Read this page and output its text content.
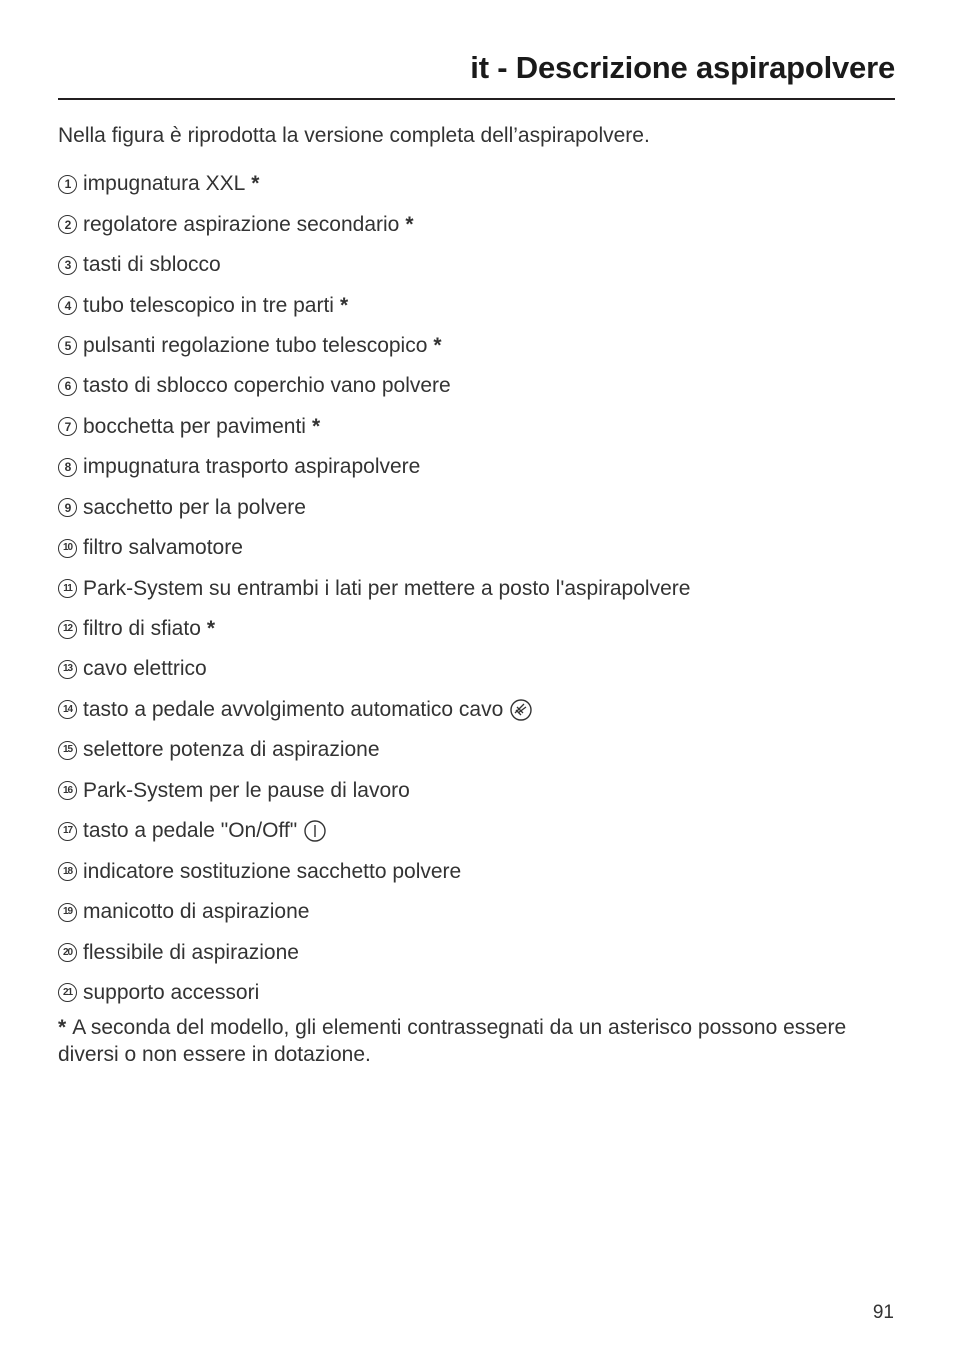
it - Descrizione aspirapolvere
Nella figura è riprodotta la versione completa dell’aspirapolvere.
1 impugnatura XXL *
2 regolatore aspirazione secondario *
3 tasti di sblocco
4 tubo telescopico in tre parti *
5 pulsanti regolazione tubo telescopico *
6 tasto di sblocco coperchio vano polvere
7 bocchetta per pavimenti *
8 impugnatura trasporto aspirapolvere
9 sacchetto per la polvere
10 filtro salvamotore
11 Park-System su entrambi i lati per mettere a posto l'aspirapolvere
12 filtro di sfiato *
13 cavo elettrico
14 tasto a pedale avvolgimento automatico cavo
15 selettore potenza di aspirazione
16 Park-System per le pause di lavoro
17 tasto a pedale "On/Off"
18 indicatore sostituzione sacchetto polvere
19 manicotto di aspirazione
20 flessibile di aspirazione
21 supporto accessori
* A seconda del modello, gli elementi contrassegnati da un asterisco possono essere diversi o non essere in dotazione.
91
